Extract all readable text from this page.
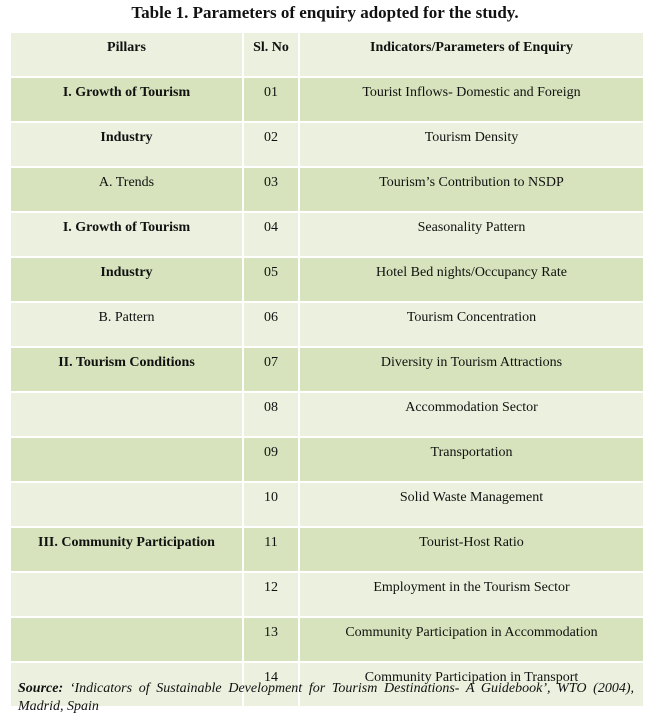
Table 1. Parameters of enquiry adopted for the study.
Pillars	Sl. No	Indicators/Parameters of Enquiry
I. Growth of Tourism	01	Tourist Inflows- Domestic and Foreign
Industry	02	Tourism Density
A. Trends	03	Tourism’s Contribution to NSDP
I. Growth of Tourism	04	Seasonality Pattern
Industry	05	Hotel Bed nights/Occupancy Rate
B. Pattern	06	Tourism Concentration
II. Tourism Conditions	07	Diversity in Tourism Attractions
	08	Accommodation Sector
	09	Transportation
	10	Solid Waste Management
III. Community Participation	11	Tourist-Host Ratio
	12	Employment in the Tourism Sector
	13	Community Participation in Accommodation
	14	Community Participation in Transport
Source: ‘Indicators of Sustainable Development for Tourism Destinations- A Guidebook’, WTO (2004), Madrid, Spain
